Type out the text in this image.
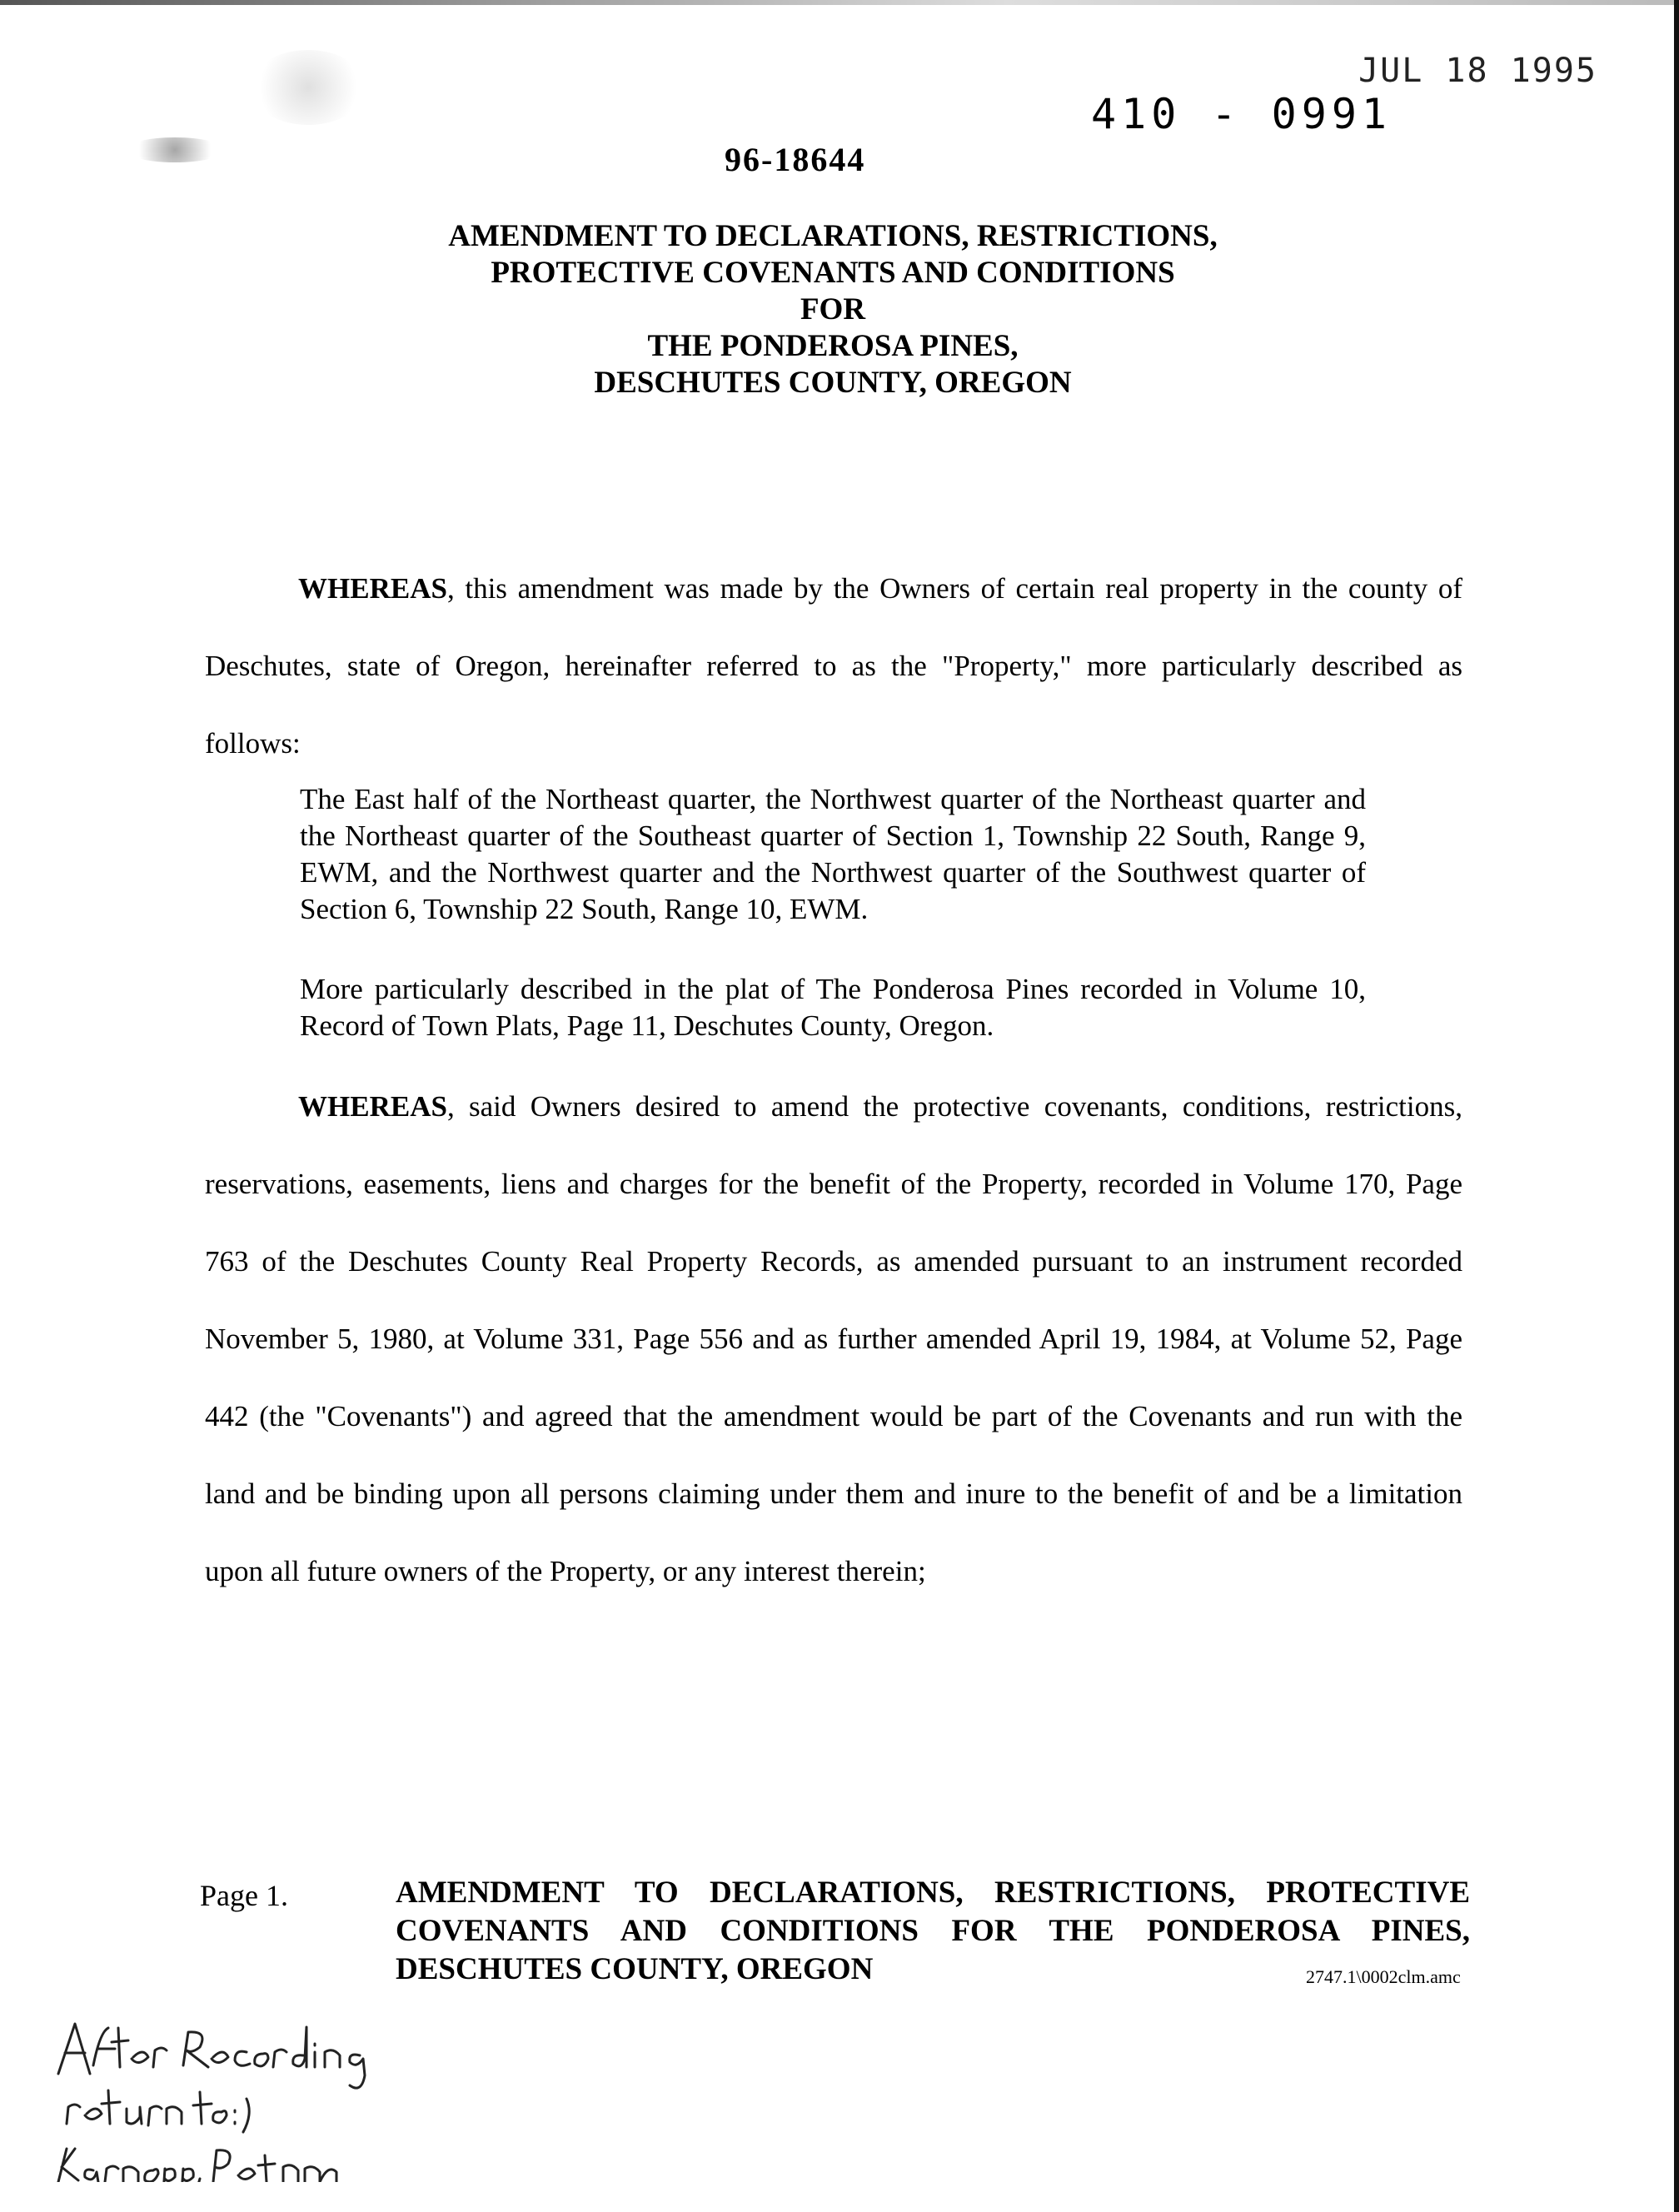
JUL 18 1995
410 - 0991
96-18644
AMENDMENT TO DECLARATIONS, RESTRICTIONS,
PROTECTIVE COVENANTS AND CONDITIONS
FOR
THE PONDEROSA PINES,
DESCHUTES COUNTY, OREGON
WHEREAS, this amendment was made by the Owners of certain real property in the county of Deschutes, state of Oregon, hereinafter referred to as the "Property," more particularly described as follows:
The East half of the Northeast quarter, the Northwest quarter of the Northeast quarter and the Northeast quarter of the Southeast quarter of Section 1, Township 22 South, Range 9, EWM, and the Northwest quarter and the Northwest quarter of the Southwest quarter of Section 6, Township 22 South, Range 10, EWM.
More particularly described in the plat of The Ponderosa Pines recorded in Volume 10, Record of Town Plats, Page 11, Deschutes County, Oregon.
WHEREAS, said Owners desired to amend the protective covenants, conditions, restrictions, reservations, easements, liens and charges for the benefit of the Property, recorded in Volume 170, Page 763 of the Deschutes County Real Property Records, as amended pursuant to an instrument recorded November 5, 1980, at Volume 331, Page 556 and as further amended April 19, 1984, at Volume 52, Page 442 (the "Covenants") and agreed that the amendment would be part of the Covenants and run with the land and be binding upon all persons claiming under them and inure to the benefit of and be a limitation upon all future owners of the Property, or any interest therein;
Page 1.	AMENDMENT TO DECLARATIONS, RESTRICTIONS, PROTECTIVE COVENANTS AND CONDITIONS FOR THE PONDEROSA PINES, DESCHUTES COUNTY, OREGON	2747.1\0002clm.amc
